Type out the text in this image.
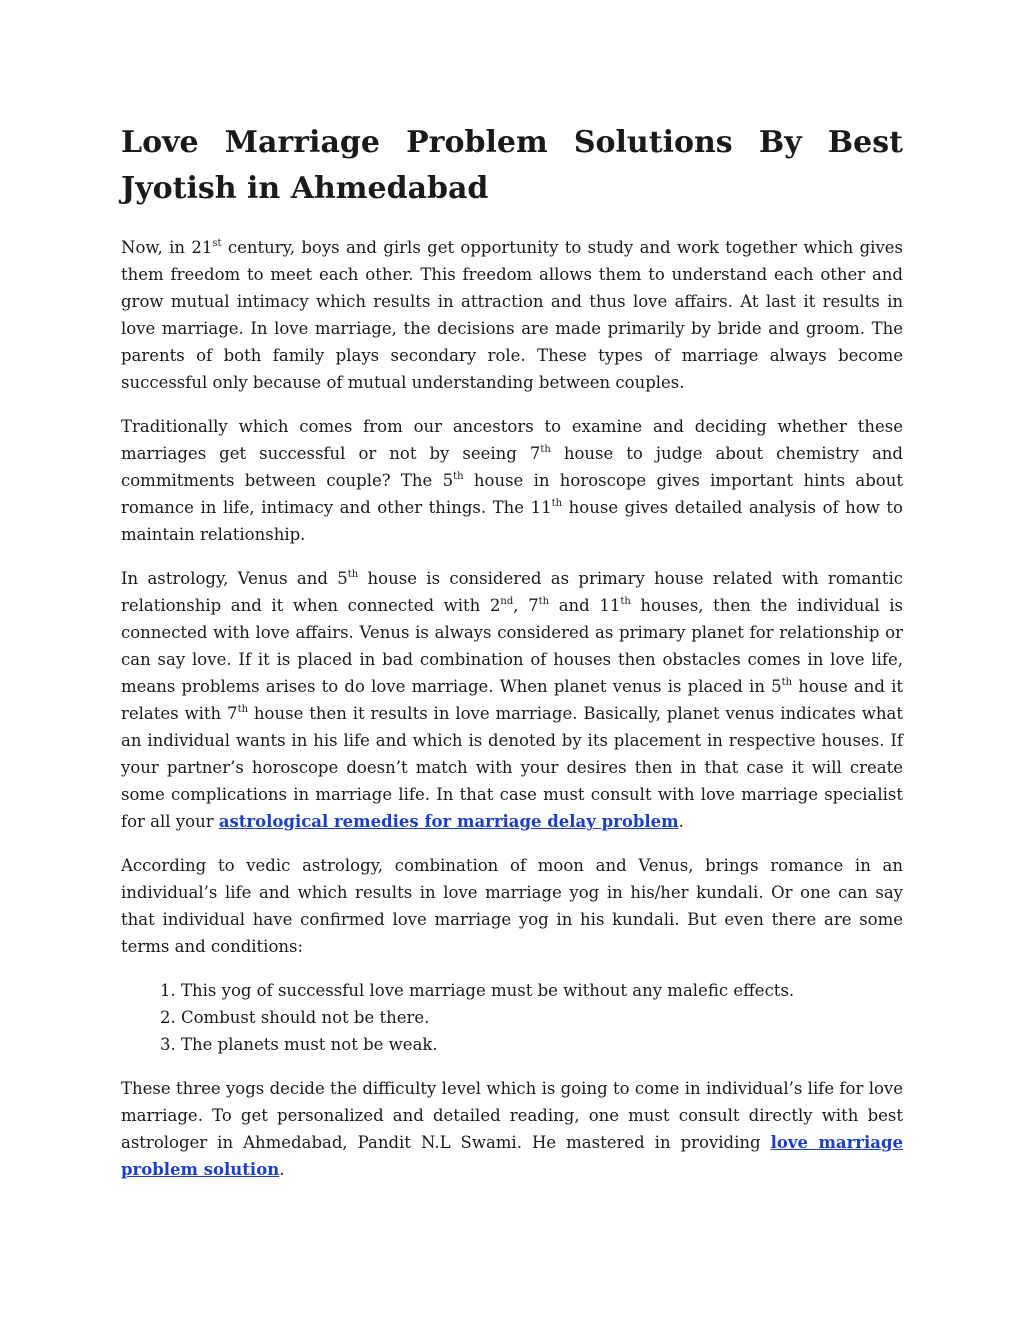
Love Marriage Problem Solutions By Best Jyotish in Ahmedabad

Now, in 21st century, boys and girls get opportunity to study and work together which gives them freedom to meet each other. This freedom allows them to understand each other and grow mutual intimacy which results in attraction and thus love affairs. At last it results in love marriage. In love marriage, the decisions are made primarily by bride and groom. The parents of both family plays secondary role. These types of marriage always become successful only because of mutual understanding between couples.

Traditionally which comes from our ancestors to examine and deciding whether these marriages get successful or not by seeing 7th house to judge about chemistry and commitments between couple? The 5th house in horoscope gives important hints about romance in life, intimacy and other things. The 11th house gives detailed analysis of how to maintain relationship.

In astrology, Venus and 5th house is considered as primary house related with romantic relationship and it when connected with 2nd, 7th and 11th houses, then the individual is connected with love affairs. Venus is always considered as primary planet for relationship or can say love. If it is placed in bad combination of houses then obstacles comes in love life, means problems arises to do love marriage. When planet venus is placed in 5th house and it relates with 7th house then it results in love marriage. Basically, planet venus indicates what an individual wants in his life and which is denoted by its placement in respective houses. If your partner’s horoscope doesn’t match with your desires then in that case it will create some complications in marriage life. In that case must consult with love marriage specialist for all your astrological remedies for marriage delay problem.

According to vedic astrology, combination of moon and Venus, brings romance in an individual’s life and which results in love marriage yog in his/her kundali. Or one can say that individual have confirmed love marriage yog in his kundali. But even there are some terms and conditions:

1. This yog of successful love marriage must be without any malefic effects.
2. Combust should not be there.
3. The planets must not be weak.

These three yogs decide the difficulty level which is going to come in individual’s life for love marriage. To get personalized and detailed reading, one must consult directly with best astrologer in Ahmedabad, Pandit N.L Swami. He mastered in providing love marriage problem solution.
